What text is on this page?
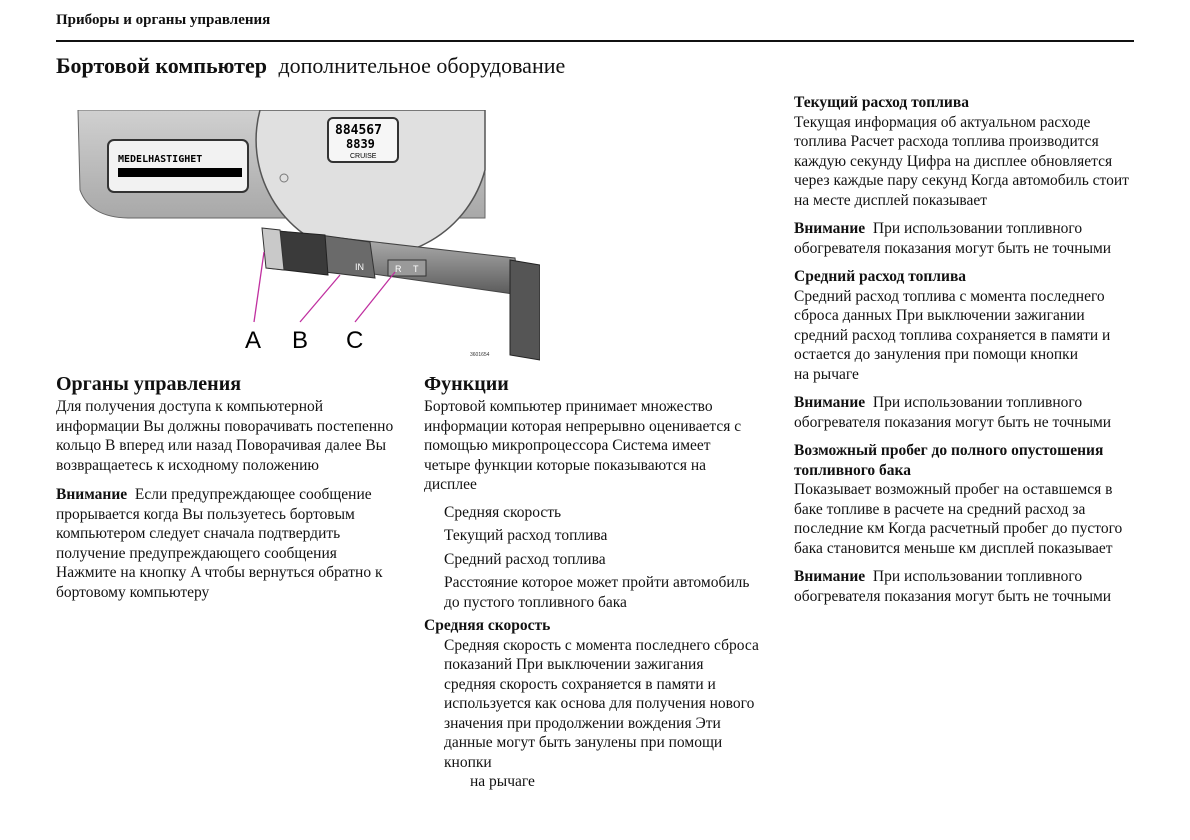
Приборы и органы управления
Бортовой компьютер дополнительное оборудование
MEDELHASTIGHET
884567
8839
CRUISE
IN	R T
A B C
3601654
Органы управления

Для получения доступа к компьютерной информации Вы должны поворачивать постепенно кольцо B вперед или назад Поворачивая далее Вы возвращаетесь к исходному положению

Внимание Если предупреждающее сообщение прорывается когда Вы пользуетесь бортовым компьютером следует сначала подтвердить получение предупреждающего сообщения Нажмите на кнопку A чтобы вернуться обратно к бортовому компьютеру

Функции

Бортовой компьютер принимает множество информации которая непрерывно оценивается с помощью микропроцессора Система имеет четыре функции которые показываются на дисплее

Средняя скорость
Текущий расход топлива
Средний расход топлива
Расстояние которое может пройти автомобиль до пустого топливного бака
Средняя скорость
Средняя скорость с момента последнего сброса показаний При выключении зажигания средняя скорость сохраняется в памяти и используется как основа для получения нового значения при продолжении вождения Эти данные могут быть занулены при помощи кнопки
на рычаге
Текущий расход топлива

Текущая информация об актуальном расходе топлива Расчет расхода топлива производится каждую секунду Цифра на дисплее обновляется через каждые пару секунд Когда автомобиль стоит на месте дисплей показывает

Внимание При использовании топливного обогревателя показания могут быть не точными

Средний расход топлива
Средний расход топлива с момента последнего сброса данных При выключении зажигании средний расход топлива сохраняется в памяти и остается до зануления при помощи кнопки

на рычаге

Внимание При использовании топливного обогревателя показания могут быть не точными

Возможный пробег до полного опустошения топливного бака

Показывает возможный пробег на оставшемся в баке топливе в расчете на средний расход за последние км Когда расчетный пробег до пустого бака становится меньше км дисплей показывает

Внимание При использовании топливного обогревателя показания могут быть не точными
